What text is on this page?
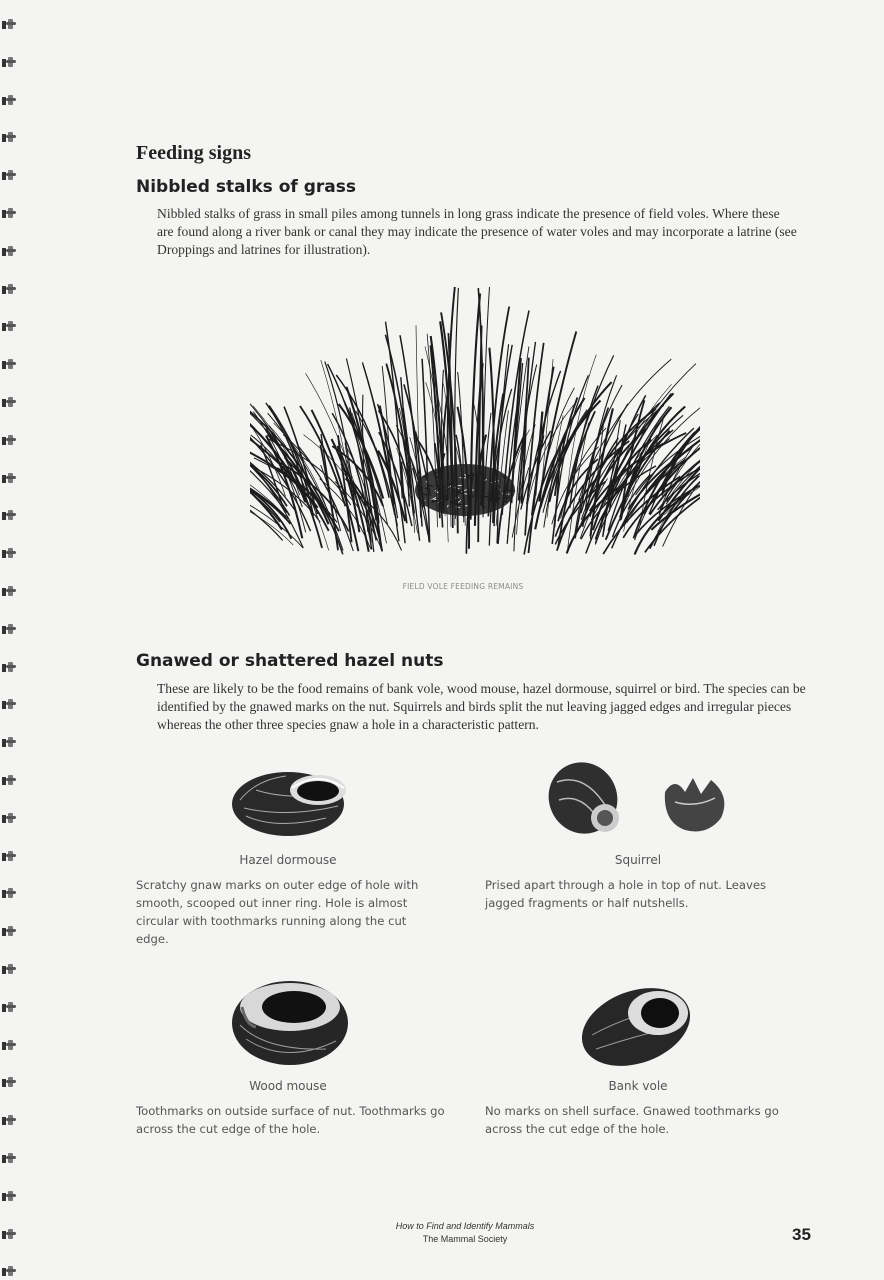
Feeding signs
Nibbled stalks of grass

Nibbled stalks of grass in small piles among tunnels in long grass indicate the presence of field voles. Where these are found along a river bank or canal they may indicate the presence of water voles and may incorporate a latrine (see Droppings and latrines for illustration).

FIELD VOLE FEEDING REMAINS
Gnawed or shattered hazel nuts

These are likely to be the food remains of bank vole, wood mouse, hazel dormouse, squirrel or bird. The species can be identified by the gnawed marks on the nut. Squirrels and birds split the nut leaving jagged edges and irregular pieces whereas the other three species gnaw a hole in a characteristic pattern.

Hazel dormouse
Scratchy gnaw marks on outer edge of hole with smooth, scooped out inner ring. Hole is almost circular with toothmarks running along the cut edge.
Squirrel
Prised apart through a hole in top of nut. Leaves jagged fragments or half nutshells.
Wood mouse
Toothmarks on outside surface of nut. Toothmarks go across the cut edge of the hole.
Bank vole
No marks on shell surface. Gnawed toothmarks go across the cut edge of the hole.
How to Find and Identify Mammals
The Mammal Society	35
